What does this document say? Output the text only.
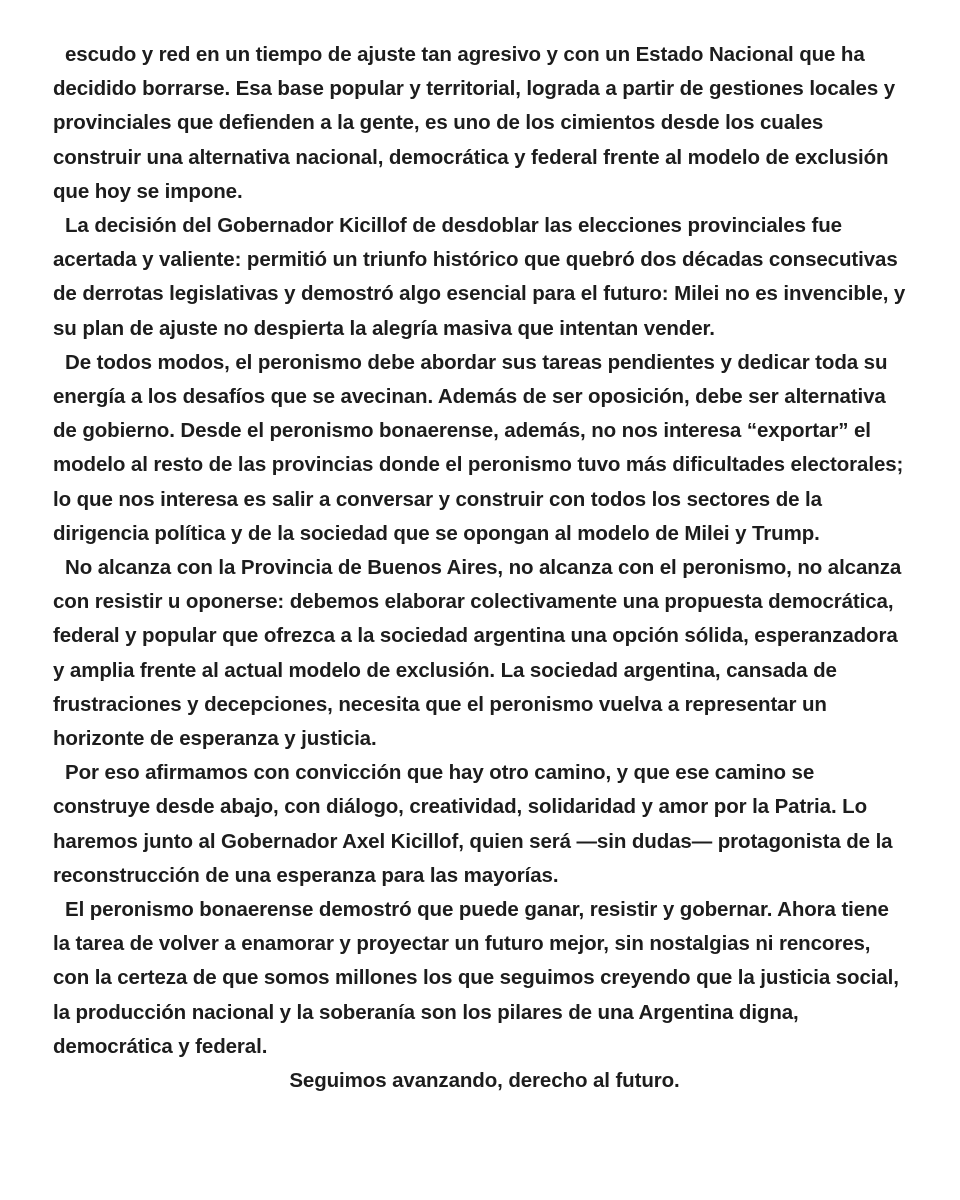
escudo y red en un tiempo de ajuste tan agresivo y con un Estado Nacional que ha decidido borrarse. Esa base popular y territorial, lograda a partir de gestiones locales y provinciales que defienden a la gente, es uno de los cimientos desde los cuales construir una alternativa nacional, democrática y federal frente al modelo de exclusión que hoy se impone.

La decisión del Gobernador Kicillof de desdoblar las elecciones provinciales fue acertada y valiente: permitió un triunfo histórico que quebró dos décadas consecutivas de derrotas legislativas y demostró algo esencial para el futuro: Milei no es invencible, y su plan de ajuste no despierta la alegría masiva que intentan vender.

De todos modos, el peronismo debe abordar sus tareas pendientes y dedicar toda su energía a los desafíos que se avecinan. Además de ser oposición, debe ser alternativa de gobierno. Desde el peronismo bonaerense, además, no nos interesa “exportar” el modelo al resto de las provincias donde el peronismo tuvo más dificultades electorales; lo que nos interesa es salir a conversar y construir con todos los sectores de la dirigencia política y de la sociedad que se opongan al modelo de Milei y Trump.

No alcanza con la Provincia de Buenos Aires, no alcanza con el peronismo, no alcanza con resistir u oponerse: debemos elaborar colectivamente una propuesta democrática, federal y popular que ofrezca a la sociedad argentina una opción sólida, esperanzadora y amplia frente al actual modelo de exclusión. La sociedad argentina, cansada de frustraciones y decepciones, necesita que el peronismo vuelva a representar un horizonte de esperanza y justicia.

Por eso afirmamos con convicción que hay otro camino, y que ese camino se construye desde abajo, con diálogo, creatividad, solidaridad y amor por la Patria. Lo haremos junto al Gobernador Axel Kicillof, quien será —sin dudas— protagonista de la reconstrucción de una esperanza para las mayorías.

El peronismo bonaerense demostró que puede ganar, resistir y gobernar. Ahora tiene la tarea de volver a enamorar y proyectar un futuro mejor, sin nostalgias ni rencores, con la certeza de que somos millones los que seguimos creyendo que la justicia social, la producción nacional y la soberanía son los pilares de una Argentina digna, democrática y federal.

Seguimos avanzando, derecho al futuro.
